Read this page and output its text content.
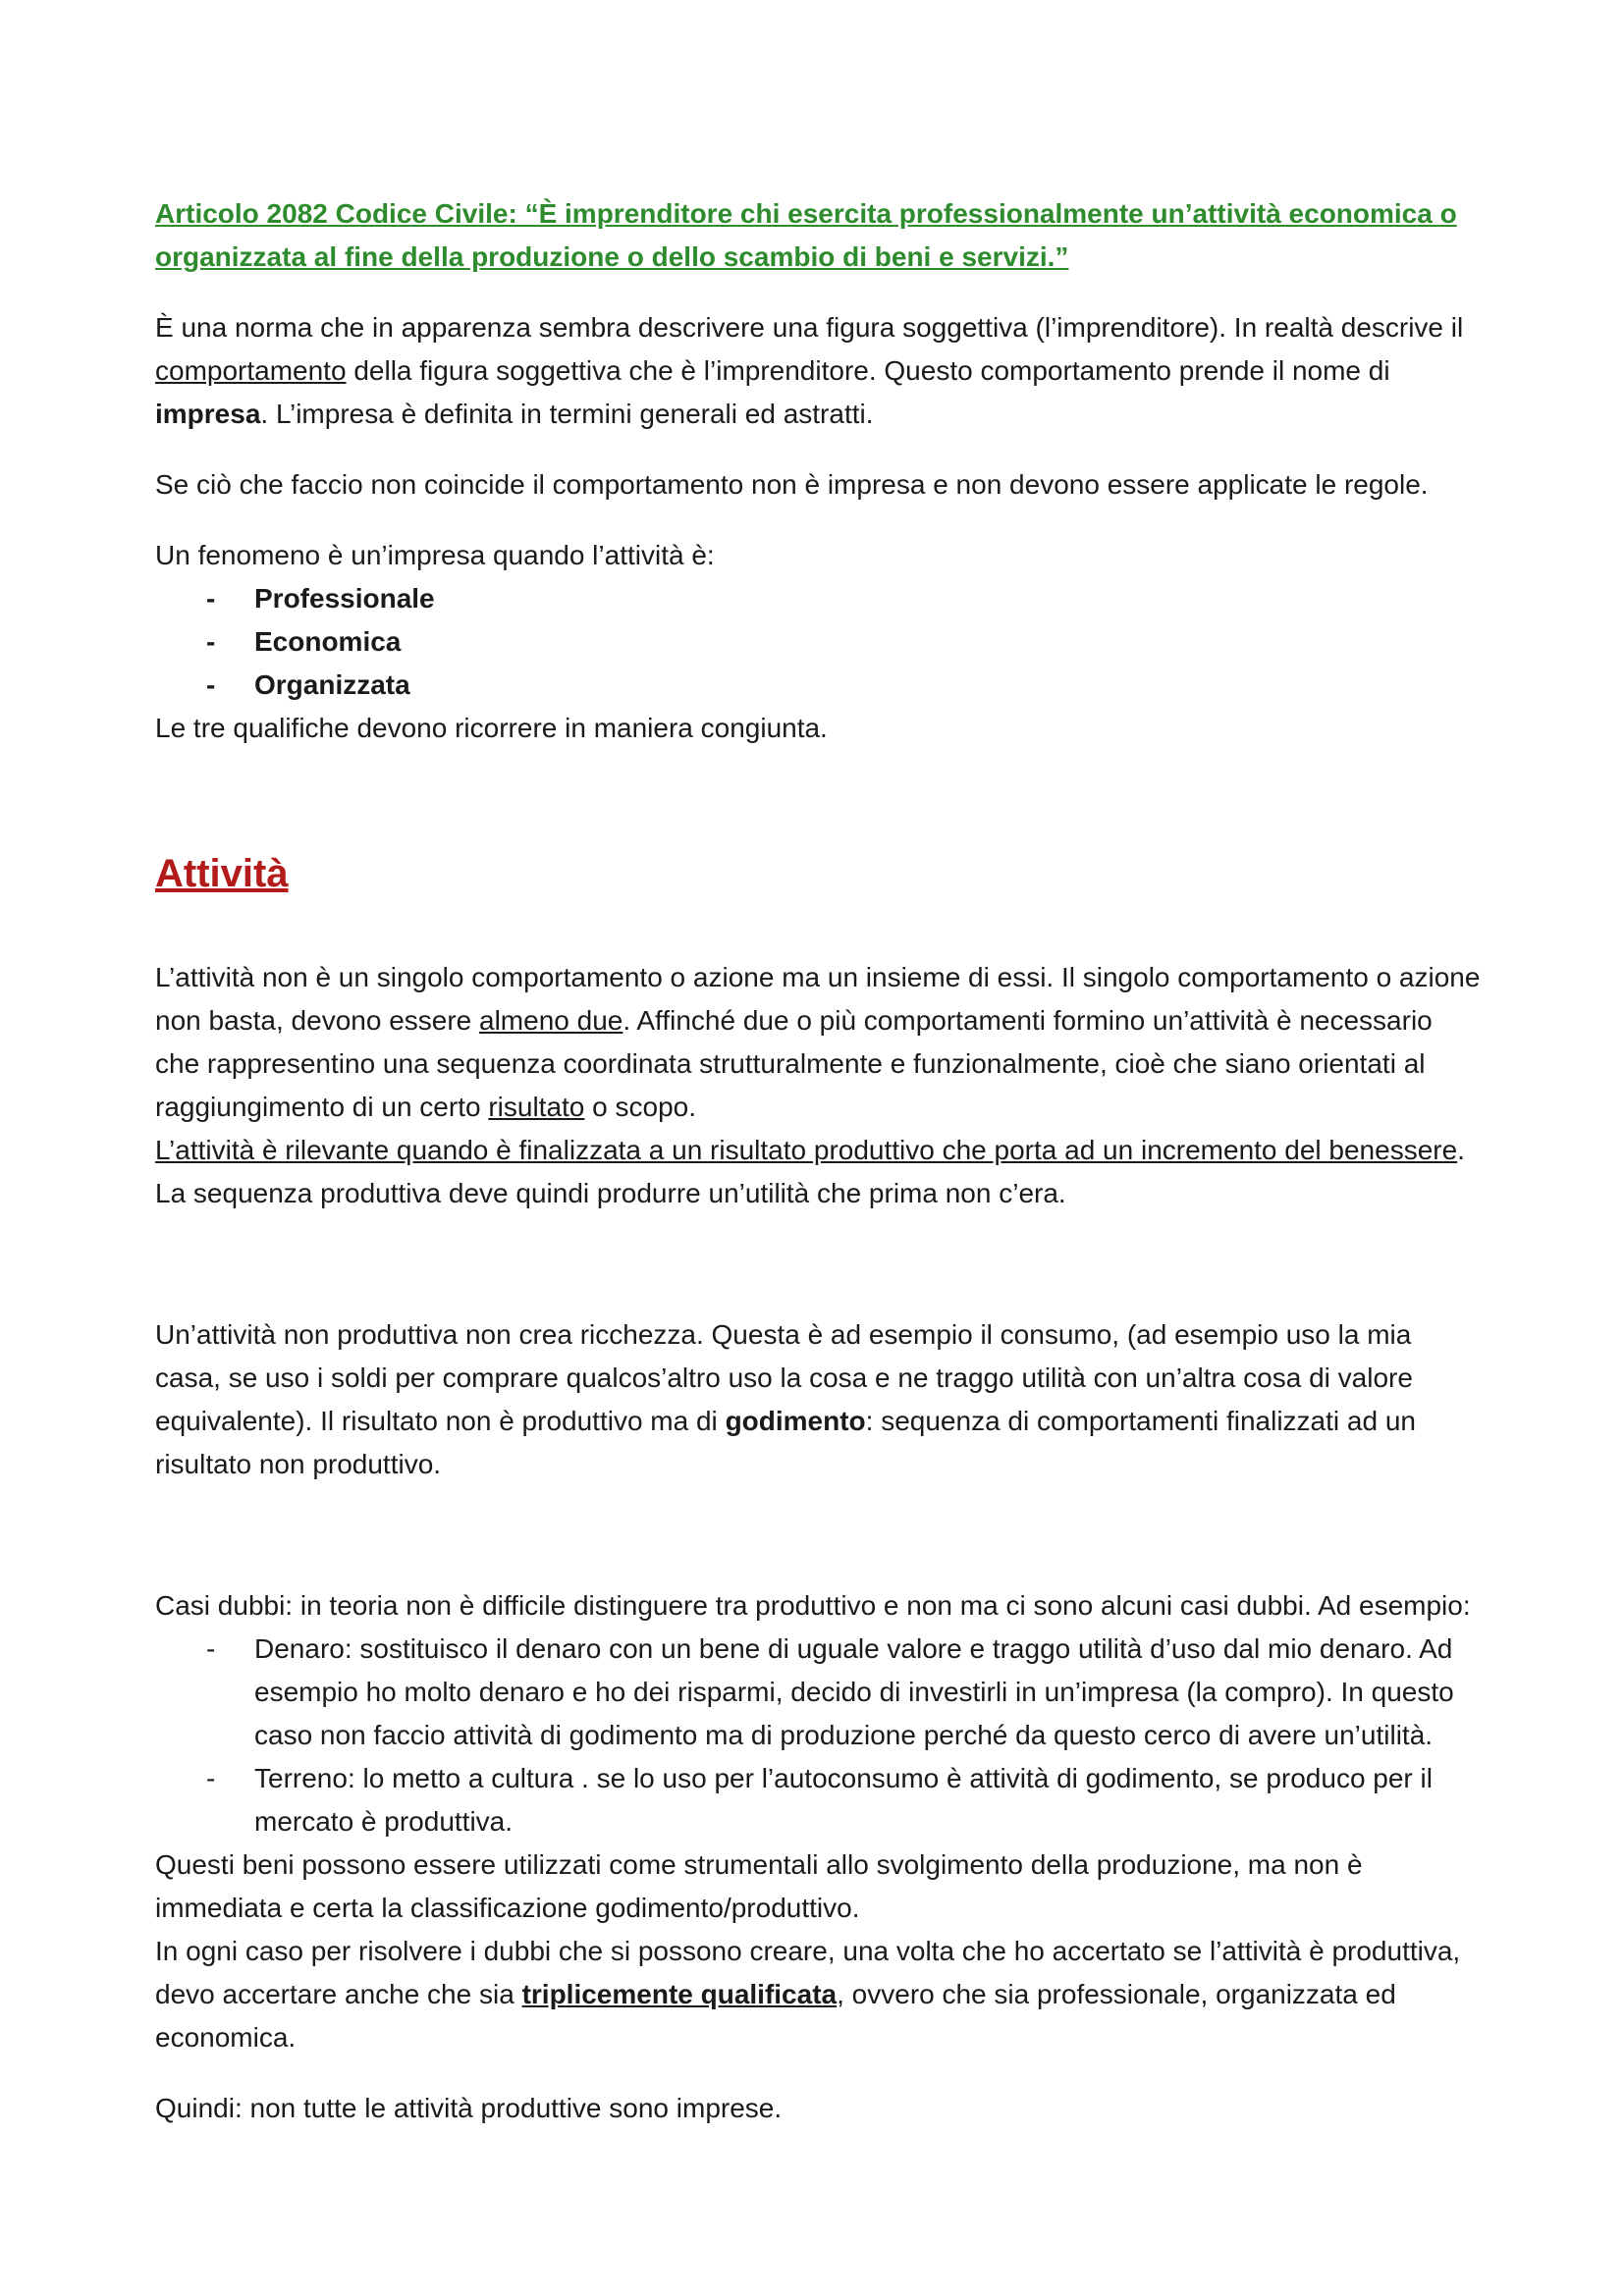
Articolo 2082 Codice Civile: “È imprenditore chi esercita professionalmente un’attività economica o
organizzata al fine della produzione o dello scambio di beni e servizi.”

È una norma che in apparenza sembra descrivere una figura soggettiva (l’imprenditore). In realtà descrive il comportamento della figura soggettiva che è l’imprenditore. Questo comportamento prende il nome di impresa. L’impresa è definita in termini generali ed astratti.

Se ciò che faccio non coincide il comportamento non è impresa e non devono essere applicate le regole.

Un fenomeno è un’impresa quando l’attività è:

- Professionale
- Economica
- Organizzata

Le tre qualifiche devono ricorrere in maniera congiunta.

Attività

L’attività non è un singolo comportamento o azione ma un insieme di essi. Il singolo comportamento o azione non basta, devono essere almeno due. Affinché due o più comportamenti formino un’attività è necessario che rappresentino una sequenza coordinata strutturalmente e funzionalmente, cioè che siano orientati al raggiungimento di un certo risultato o scopo.
L’attività è rilevante quando è finalizzata a un risultato produttivo che porta ad un incremento del benessere. La sequenza produttiva deve quindi produrre un’utilità che prima non c’era.

Un’attività non produttiva non crea ricchezza. Questa è ad esempio il consumo, (ad esempio uso la mia casa, se uso i soldi per comprare qualcos’altro uso la cosa e ne traggo utilità con un’altra cosa di valore equivalente). Il risultato non è produttivo ma di godimento: sequenza di comportamenti finalizzati ad un risultato non produttivo.

Casi dubbi: in teoria non è difficile distinguere tra produttivo e non ma ci sono alcuni casi dubbi. Ad esempio:

- Denaro: sostituisco il denaro con un bene di uguale valore e traggo utilità d’uso dal mio denaro. Ad esempio ho molto denaro e ho dei risparmi, decido di investirli in un’impresa (la compro). In questo caso non faccio attività di godimento ma di produzione perché da questo cerco di avere un’utilità.
- Terreno: lo metto a cultura . se lo uso per l’autoconsumo è attività di godimento, se produco per il mercato è produttiva.

Questi beni possono essere utilizzati come strumentali allo svolgimento della produzione, ma non è immediata e certa la classificazione godimento/produttivo.

In ogni caso per risolvere i dubbi che si possono creare, una volta che ho accertato se l’attività è produttiva, devo accertare anche che sia triplicemente qualificata, ovvero che sia professionale, organizzata ed economica.

Quindi: non tutte le attività produttive sono imprese.
